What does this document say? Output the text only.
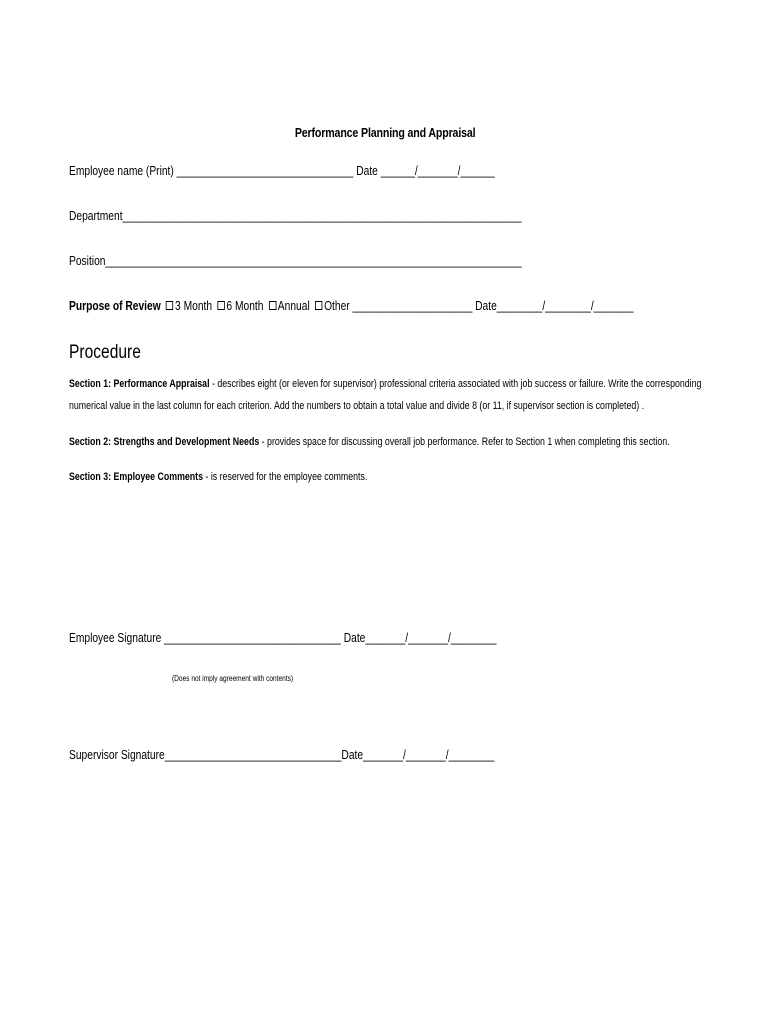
Performance Planning and Appraisal
Employee name (Print) _______________________________ Date ______/_______/______
Department______________________________________________________________________
Position_________________________________________________________________________
Purpose of Review 3 Month 6 Month Annual Other _____________________ Date________/________/_______
Procedure
Section 1: Performance Appraisal - describes eight (or eleven for supervisor) professional criteria associated with job success or failure. Write the corresponding
numerical value in the last column for each criterion. Add the numbers to obtain a total value and divide 8 (or 11, if supervisor section is completed) .
Section 2: Strengths and Development Needs - provides space for discussing overall job performance. Refer to Section 1 when completing this section.
Section 3: Employee Comments - is reserved for the employee comments.
Employee Signature _______________________________ Date_______/_______/________
(Does not imply agreement with contents)
Supervisor Signature_______________________________Date_______/_______/________
